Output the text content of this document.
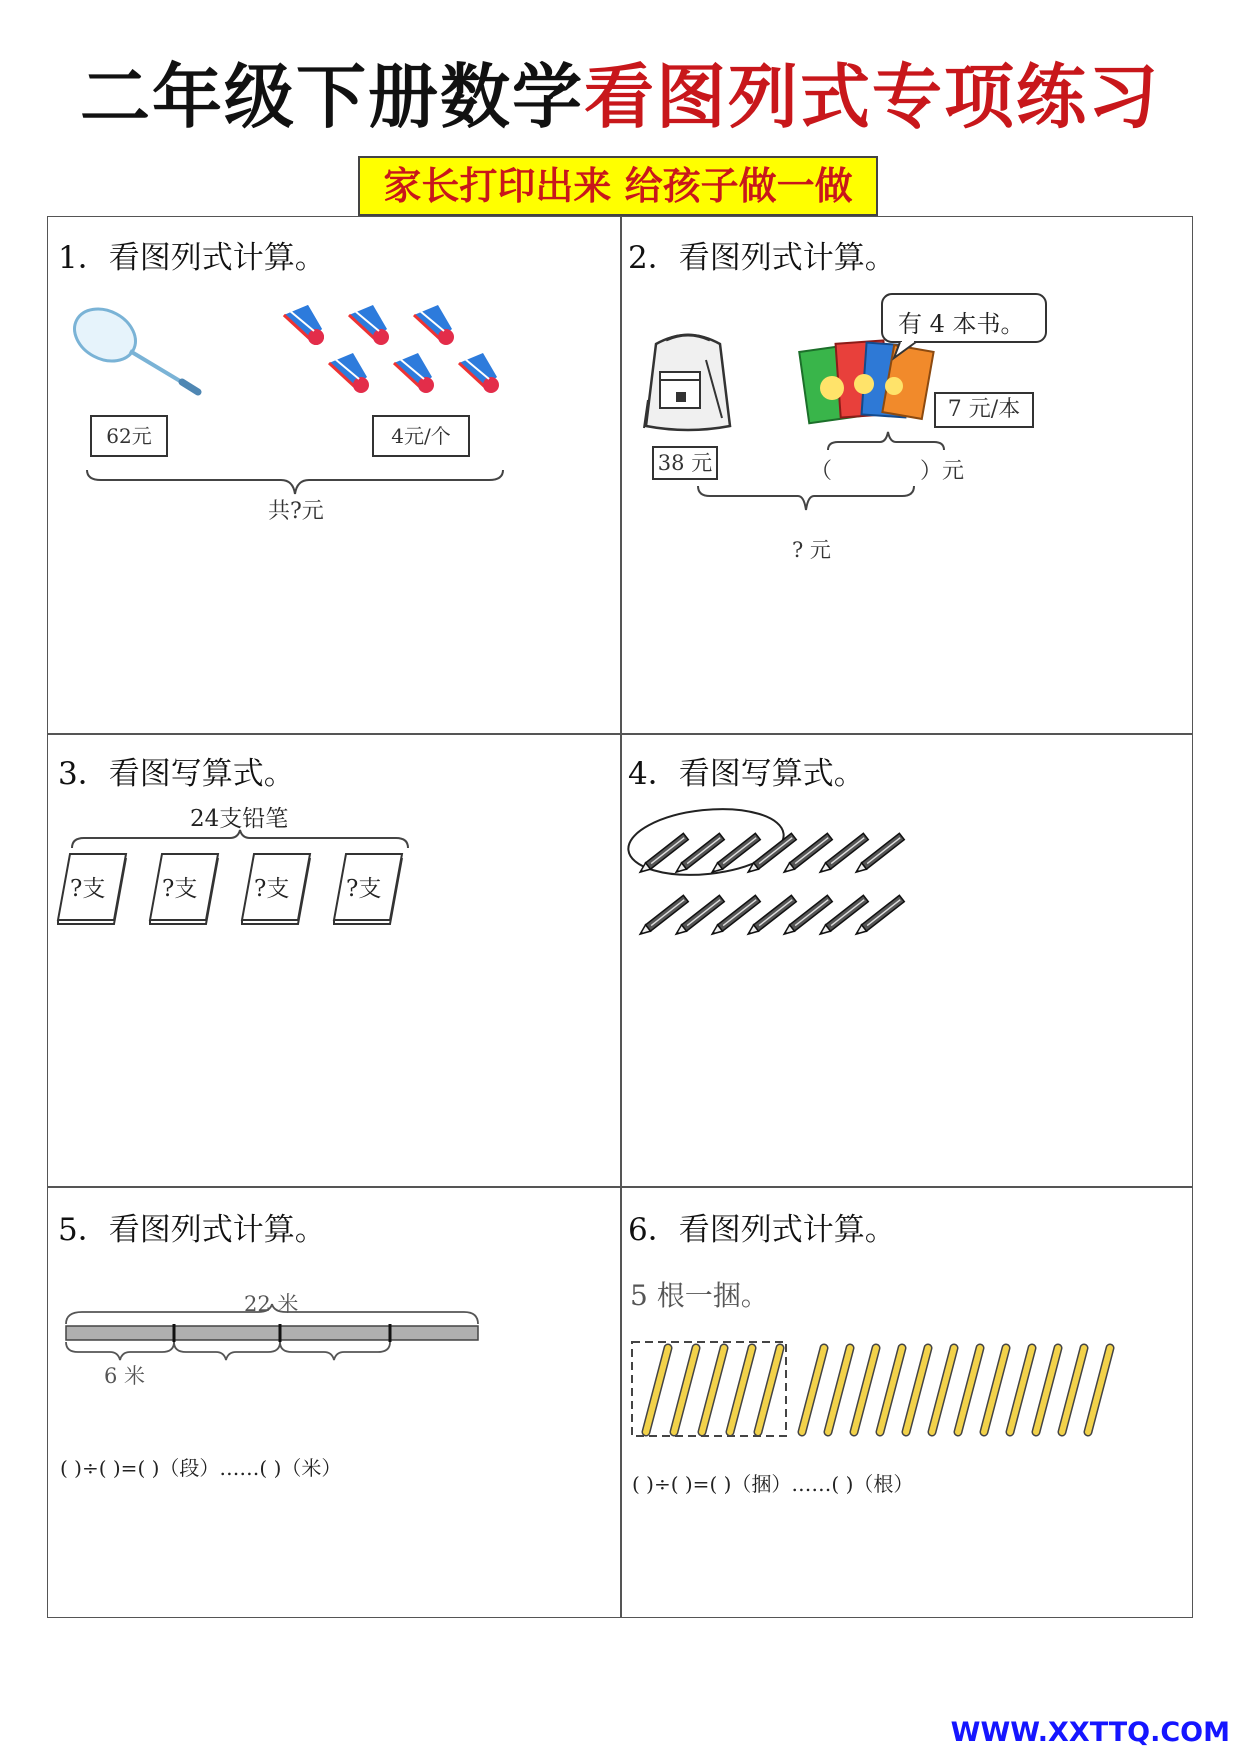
二年级下册数学看图列式专项练习
家长打印出来 给孩子做一做
1．看图列式计算。
62元	4元/个
共?元
2．看图列式计算。
有 4 本书。
7 元/本
38 元	（	）元
? 元
3．看图写算式。
24支铅笔
?支 ?支 ?支 ?支
4．看图写算式。
5．看图列式计算。
22 米
6 米
( )÷( )=( )（段）……( )（米）
6．看图列式计算。
5 根一捆。
( )÷( )=( )（捆）……( )（根）
WWW.XXTTQ.COM
